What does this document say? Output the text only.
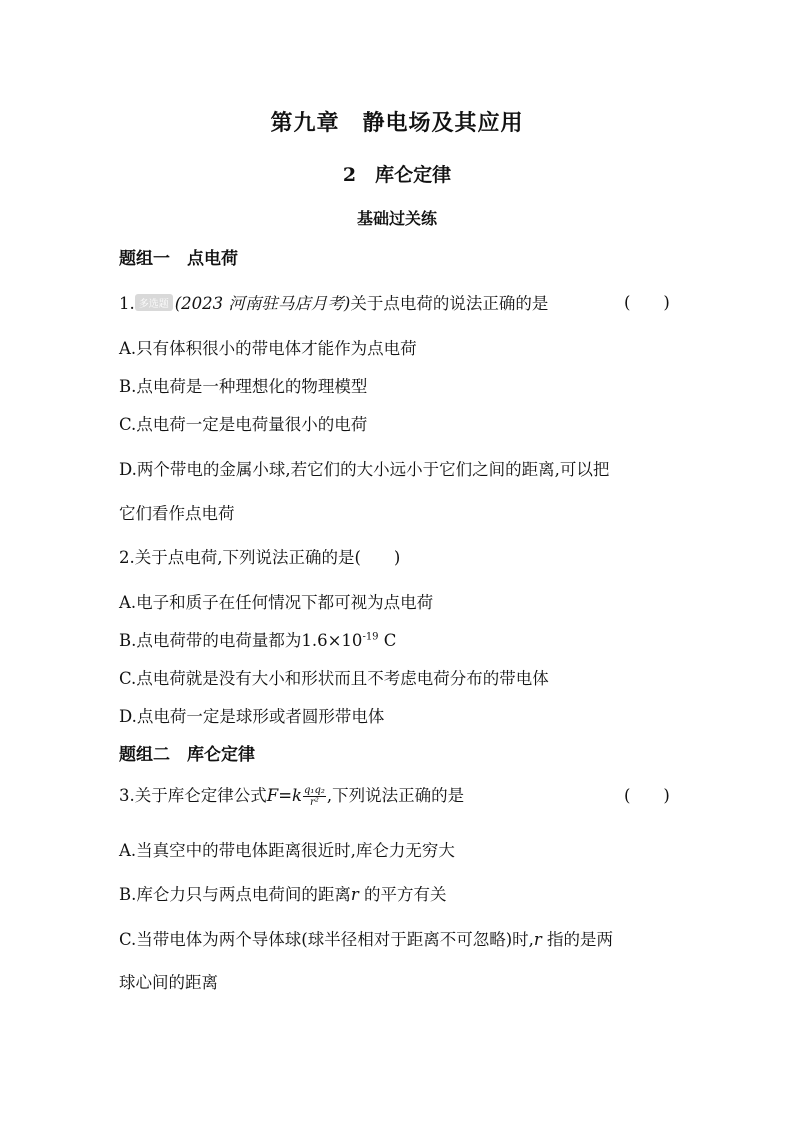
第九章　静电场及其应用
2　库仑定律
基础过关练
题组一　点电荷
1. 多选题 (2023 河南驻马店月考)关于点电荷的说法正确的是	(　　)
A.只有体积很小的带电体才能作为点电荷
B.点电荷是一种理想化的物理模型
C.点电荷一定是电荷量很小的电荷
D.两个带电的金属小球,若它们的大小远小于它们之间的距离,可以把
它们看作点电荷
2.关于点电荷,下列说法正确的是(　　)
A.电子和质子在任何情况下都可视为点电荷
B.点电荷带的电荷量都为$1.6\times 10^{-19}$ C
C.点电荷就是没有大小和形状而且不考虑电荷分布的带电体
D.点电荷一定是球形或者圆形带电体
题组二　库仑定律
3.关于库仑定律公式$F=k \frac{\text{q₁q₂}}{\text{r²}}$ ,下列说法正确的是	(　　)
A.当真空中的带电体距离很近时,库仑力无穷大
B.库仑力只与两点电荷间的距离r 的平方有关
C.当带电体为两个导体球(球半径相对于距离不可忽略)时,r 指的是两
球心间的距离
